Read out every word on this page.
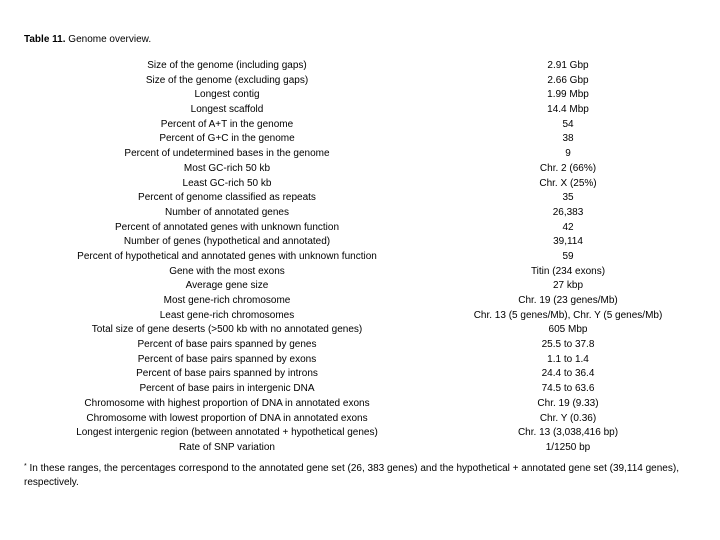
Table 11. Genome overview.
Size of the genome (including gaps)	2.91 Gbp
Size of the genome (excluding gaps)	2.66 Gbp
Longest contig	1.99 Mbp
Longest scaffold	14.4 Mbp
Percent of A+T in the genome	54
Percent of G+C in the genome	38
Percent of undetermined bases in the genome	9
Most GC-rich 50 kb	Chr. 2 (66%)
Least GC-rich 50 kb	Chr. X (25%)
Percent of genome classified as repeats	35
Number of annotated genes	26,383
Percent of annotated genes with unknown function	42
Number of genes (hypothetical and annotated)	39,114
Percent of hypothetical and annotated genes with unknown function	59
Gene with the most exons	Titin (234 exons)
Average gene size	27 kbp
Most gene-rich chromosome	Chr. 19 (23 genes/Mb)
Least gene-rich chromosomes	Chr. 13 (5 genes/Mb), Chr. Y (5 genes/Mb)
Total size of gene deserts (>500 kb with no annotated genes)	605 Mbp
Percent of base pairs spanned by genes	25.5 to 37.8
Percent of base pairs spanned by exons	1.1 to 1.4
Percent of base pairs spanned by introns	24.4 to 36.4
Percent of base pairs in intergenic DNA	74.5 to 63.6
Chromosome with highest proportion of DNA in annotated exons	Chr. 19 (9.33)
Chromosome with lowest proportion of DNA in annotated exons	Chr. Y (0.36)
Longest intergenic region (between annotated + hypothetical genes)	Chr. 13 (3,038,416 bp)
Rate of SNP variation	1/1250 bp
* In these ranges, the percentages correspond to the annotated gene set (26, 383 genes) and the hypothetical + annotated gene set (39,114 genes), respectively.
